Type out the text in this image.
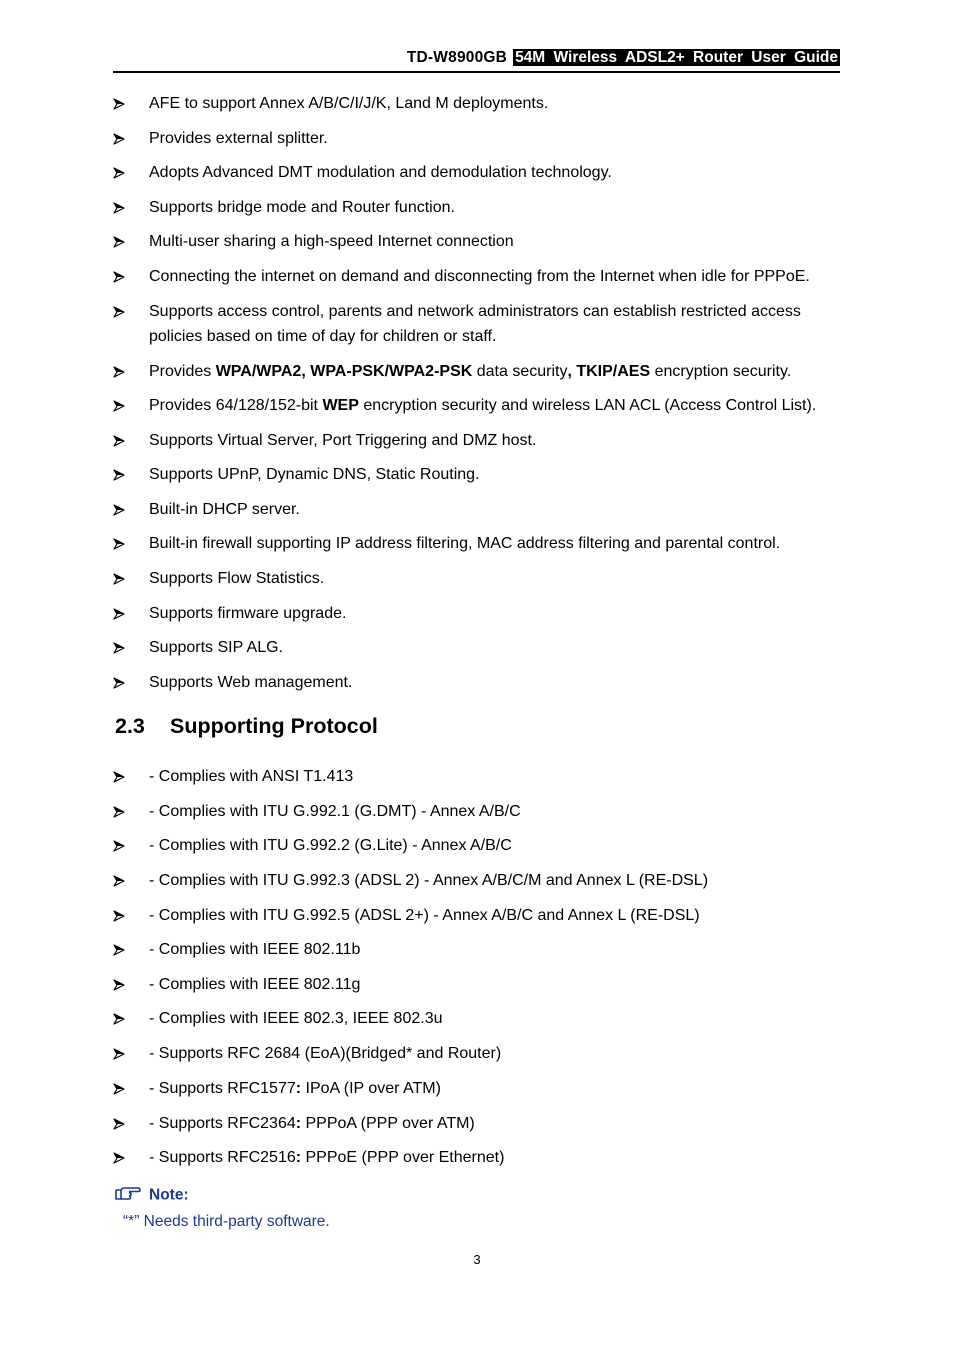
TD-W8900GB 54M Wireless ADSL2+ Router User Guide
AFE to support Annex A/B/C/I/J/K, Land M deployments.
Provides external splitter.
Adopts Advanced DMT modulation and demodulation technology.
Supports bridge mode and Router function.
Multi-user sharing a high-speed Internet connection
Connecting the internet on demand and disconnecting from the Internet when idle for PPPoE.
Supports access control, parents and network administrators can establish restricted access policies based on time of day for children or staff.
Provides WPA/WPA2, WPA-PSK/WPA2-PSK data security, TKIP/AES encryption security.
Provides 64/128/152-bit WEP encryption security and wireless LAN ACL (Access Control List).
Supports Virtual Server, Port Triggering and DMZ host.
Supports UPnP, Dynamic DNS, Static Routing.
Built-in DHCP server.
Built-in firewall supporting IP address filtering, MAC address filtering and parental control.
Supports Flow Statistics.
Supports firmware upgrade.
Supports SIP ALG.
Supports Web management.
2.3 Supporting Protocol
- Complies with ANSI T1.413
- Complies with ITU G.992.1 (G.DMT) - Annex A/B/C
- Complies with ITU G.992.2 (G.Lite) - Annex A/B/C
- Complies with ITU G.992.3 (ADSL 2) - Annex A/B/C/M and Annex L (RE-DSL)
- Complies with ITU G.992.5 (ADSL 2+) - Annex A/B/C and Annex L (RE-DSL)
- Complies with IEEE 802.11b
- Complies with IEEE 802.11g
- Complies with IEEE 802.3, IEEE 802.3u
- Supports RFC 2684 (EoA)(Bridged* and Router)
- Supports RFC1577: IPoA (IP over ATM)
- Supports RFC2364: PPPoA (PPP over ATM)
- Supports RFC2516: PPPoE (PPP over Ethernet)
Note:
“*” Needs third-party software.
3
